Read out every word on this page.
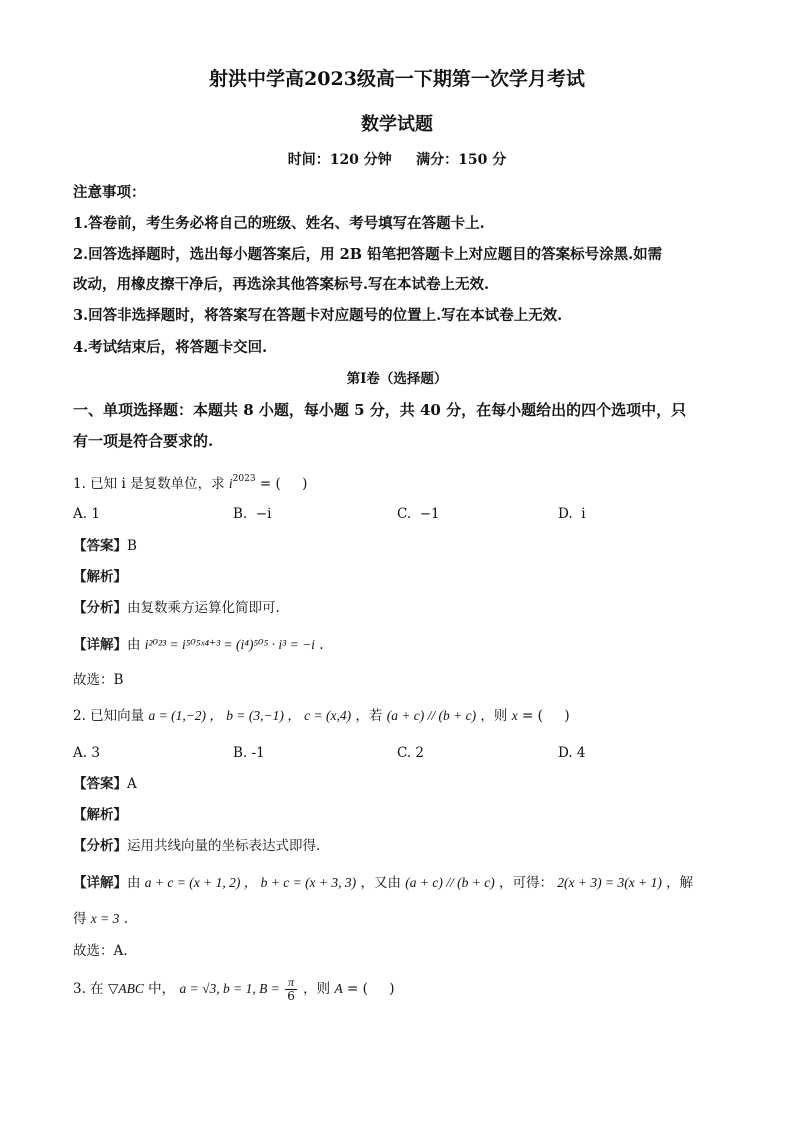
射洪中学高2023级高一下期第一次学月考试
数学试题
时间：120 分钟     满分：150 分
注意事项：
1.答卷前，考生务必将自己的班级、姓名、考号填写在答题卡上.
2.回答选择题时，选出每小题答案后，用 2B 铅笔把答题卡上对应题目的答案标号涂黑.如需
改动，用橡皮擦干净后，再选涂其他答案标号.写在本试卷上无效.
3.回答非选择题时，将答案写在答题卡对应题号的位置上.写在本试卷上无效.
4.考试结束后，将答题卡交回.
第Ⅰ卷（选择题）
一、单项选择题：本题共 8 小题，每小题 5 分，共 40 分，在每小题给出的四个选项中，只
有一项是符合要求的.
1. 已知 i 是复数单位，求 $i^{2023}$ = (     )
A. 1	B.  −i	C.  −1	D.  i
【答案】B
【解析】
【分析】由复数乘方运算化简即可.
【详解】由 i²⁰²³ = i⁵⁰⁵ˣ⁴⁺³ = (i⁴)⁵⁰⁵ · i³ = −i .
故选：B
2. 已知向量 a = (1,−2) ， b = (3,−1) ， c = (x,4) ，若 (a + c) // (b + c) ，则 x = (     )
A. 3	B. -1	C. 2	D. 4
【答案】A
【解析】
【分析】运用共线向量的坐标表达式即得.
【详解】由 a + c = (x + 1, 2) ， b + c = (x + 3, 3) ，又由 (a + c) // (b + c) ，可得： 2(x + 3) = 3(x + 1) ，解
得 x = 3 .
故选：A.
3. 在 ▽ABC 中， a = √3, b = 1, $B = \frac{\pi}{6}$ ，则 A = (     )
